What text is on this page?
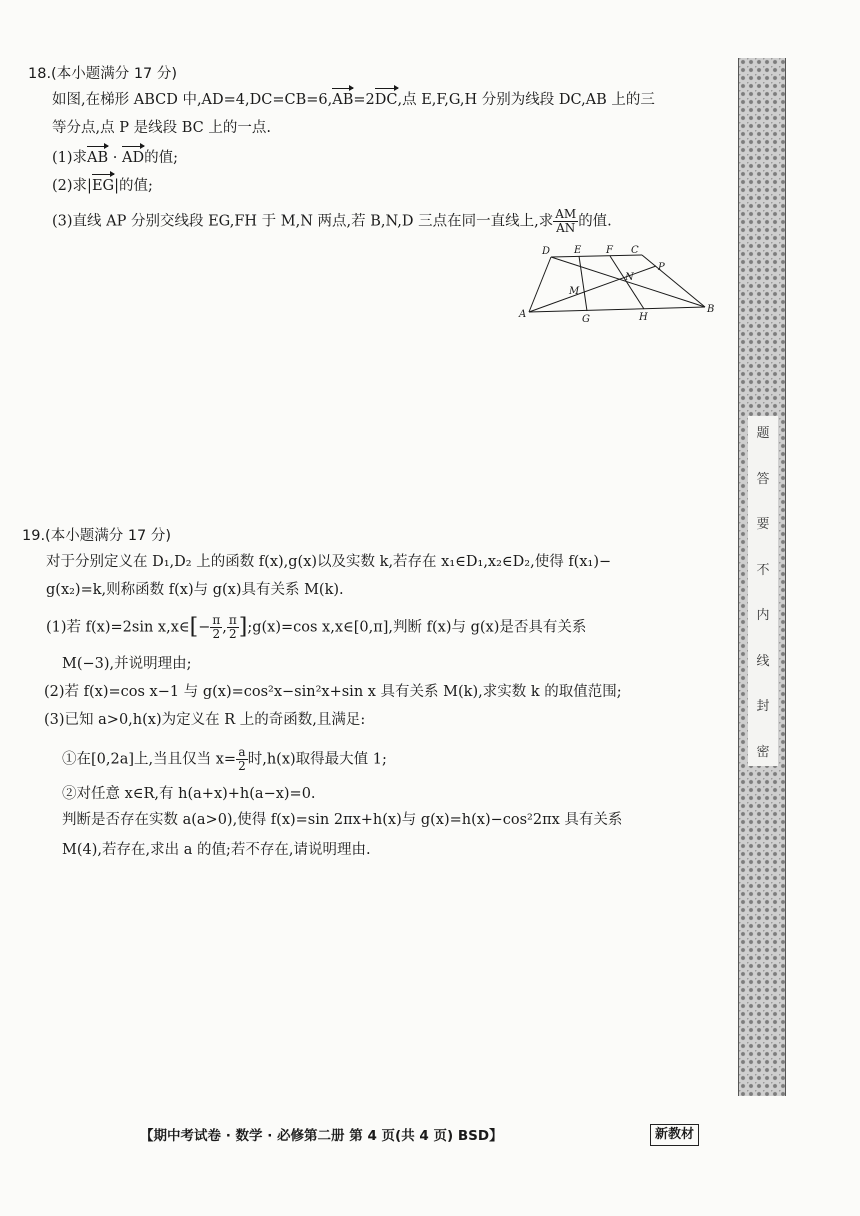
18.(本小题满分 17 分)
如图,在梯形 ABCD 中,AD=4,DC=CB=6,AB=2DC,点 E,F,G,H 分别为线段 DC,AB 上的三
等分点,点 P 是线段 BC 上的一点.
(1)求AB · AD的值;
(2)求|EG|的值;
(3)直线 AP 分别交线段 EG,FH 于 M,N 两点,若 B,N,D 三点在同一直线上,求 $\frac{AM}{AN}$ 的值.
D E F C
N
P
M
A	G	H
B
19.(本小题满分 17 分)
对于分别定义在 D₁,D₂ 上的函数 f(x),g(x)以及实数 k,若存在 x₁∈D₁,x₂∈D₂,使得 f(x₁)−
g(x₂)=k,则称函数 f(x)与 g(x)具有关系 M(k).
(1)若 f(x)=2sin x,x∈[− $\frac{\pi}{2}$ , $\frac{\pi}{2}$ ];g(x)=cos x,x∈[0,π],判断 f(x)与 g(x)是否具有关系
M(−3),并说明理由;
(2)若 f(x)=cos x−1 与 g(x)=cos²x−sin²x+sin x 具有关系 M(k),求实数 k 的取值范围;
(3)已知 a>0,h(x)为定义在 R 上的奇函数,且满足:
①在[0,2a]上,当且仅当 $x= \frac{a}{2}$ 时,h(x)取得最大值 1;
②对任意 x∈R,有 h(a+x)+h(a−x)=0.
判断是否存在实数 a(a>0),使得 f(x)=sin 2πx+h(x)与 g(x)=h(x)−cos²2πx 具有关系
M(4),若存在,求出 a 的值;若不存在,请说明理由.
题
答
要
不
内
线
封
密
【期中考试卷 · 数学 · 必修第二册 第 4 页(共 4 页) BSD】	新教材
